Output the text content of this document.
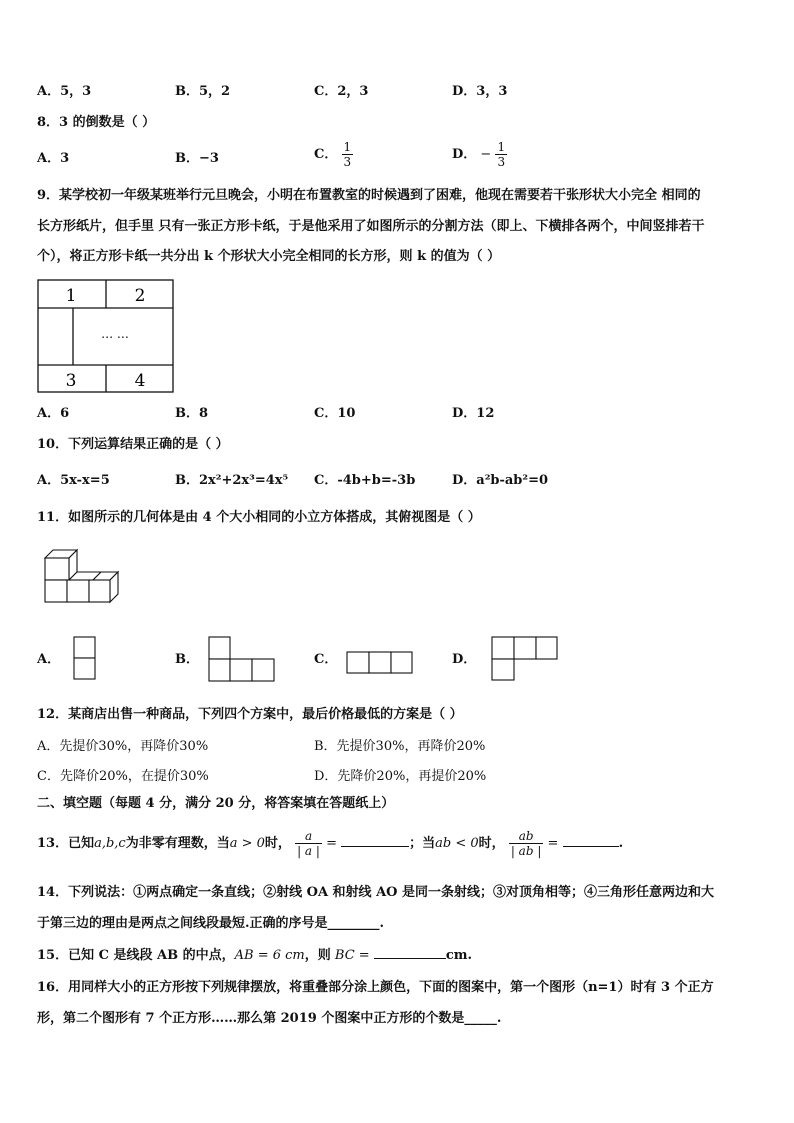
A．5，3	B．5，2	C．2，3	D．3，3
8．3 的倒数是（ ）
A．3	B．−3	C． $\frac{1}{3}$	D． − $\frac{1}{3}$
9．某学校初一年级某班举行元旦晚会，小明在布置教室的时候遇到了困难，他现在需要若干张形状大小完全 相同的
长方形纸片，但手里 只有一张正方形卡纸，于是他采用了如图所示的分割方法（即上、下横排各两个，中间竖排若干
个），将正方形卡纸一共分出 k 个形状大小完全相同的长方形，则 k 的值为（ ）
1	2
3	4
… …
A．6	B．8	C．10	D．12
10．下列运算结果正确的是（ ）
A．5x-x=5	B．2x²+2x³=4x⁵ C．-4b+b=-3b	D．a²b-ab²=0
11．如图所示的几何体是由 4 个大小相同的小立方体搭成，其俯视图是（ ）
A．	B．	C．	D．
12．某商店出售一种商品，下列四个方案中，最后价格最低的方案是（ ）
A．先提价30%，再降价30%	B．先提价30%，再降价20%
C．先降价20%，在提价30%	D．先降价20%，再提价20%
二、填空题（每题 4 分，满分 20 分，将答案填在答题纸上）
13．已知a,b,c为非零有理数，当a > 0时， $\frac{a}{| a |}$ =	；当ab < 0时， $\frac{ab}{| ab |}$ =	.
14．下列说法：①两点确定一条直线；②射线 OA 和射线 AO 是同一条射线；③对顶角相等；④三角形任意两边和大
于第三边的理由是两点之间线段最短.正确的序号是________.
15．已知 C 是线段 AB 的中点，AB = 6 cm，则 BC =	cm.
16．用同样大小的正方形按下列规律摆放，将重叠部分涂上颜色，下面的图案中，第一个图形（n=1）时有 3 个正方
形，第二个图形有 7 个正方形……那么第 2019 个图案中正方形的个数是_____.
